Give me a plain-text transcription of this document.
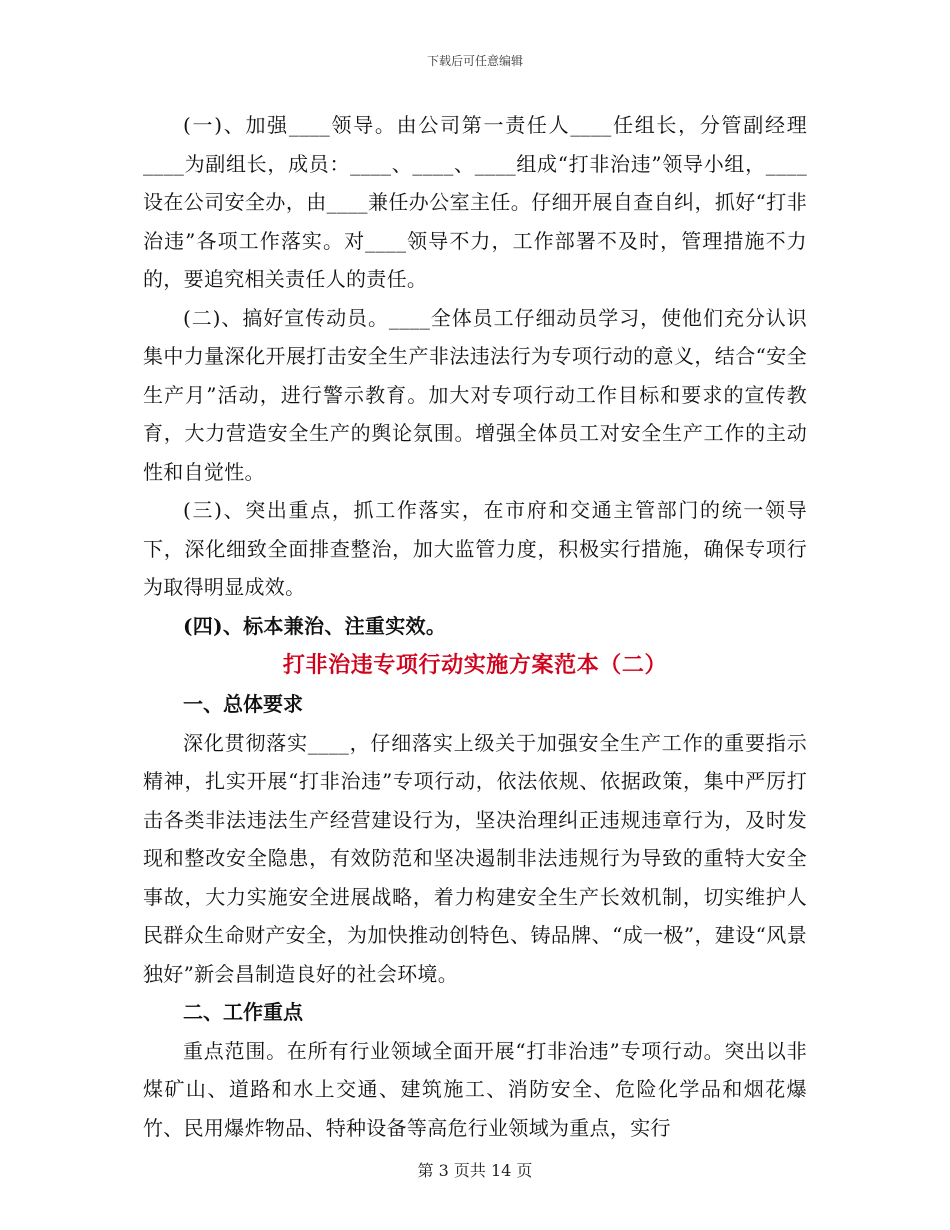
下载后可任意编辑

(一)、加强____领导。由公司第一责任人____任组长，分管副经理____为副组长，成员：____、____、____组成“打非治违”领导小组，____设在公司安全办，由____兼任办公室主任。仔细开展自查自纠，抓好“打非治违”各项工作落实。对____领导不力，工作部署不及时，管理措施不力的，要追究相关责任人的责任。

(二)、搞好宣传动员。____全体员工仔细动员学习，使他们充分认识集中力量深化开展打击安全生产非法违法行为专项行动的意义，结合“安全生产月”活动，进行警示教育。加大对专项行动工作目标和要求的宣传教育，大力营造安全生产的舆论氛围。增强全体员工对安全生产工作的主动性和自觉性。

(三)、突出重点，抓工作落实，在市府和交通主管部门的统一领导下，深化细致全面排查整治，加大监管力度，积极实行措施，确保专项行为取得明显成效。

(四)、标本兼治、注重实效。

打非治违专项行动实施方案范本（二）

一、总体要求

深化贯彻落实____，仔细落实上级关于加强安全生产工作的重要指示精神，扎实开展“打非治违”专项行动，依法依规、依据政策，集中严厉打击各类非法违法生产经营建设行为，坚决治理纠正违规违章行为，及时发现和整改安全隐患，有效防范和坚决遏制非法违规行为导致的重特大安全事故，大力实施安全进展战略，着力构建安全生产长效机制，切实维护人民群众生命财产安全，为加快推动创特色、铸品牌、“成一极”，建设“风景独好”新会昌制造良好的社会环境。

二、工作重点

重点范围。在所有行业领域全面开展“打非治违”专项行动。突出以非煤矿山、道路和水上交通、建筑施工、消防安全、危险化学品和烟花爆竹、民用爆炸物品、特种设备等高危行业领域为重点，实行

第 3 页共 14 页
